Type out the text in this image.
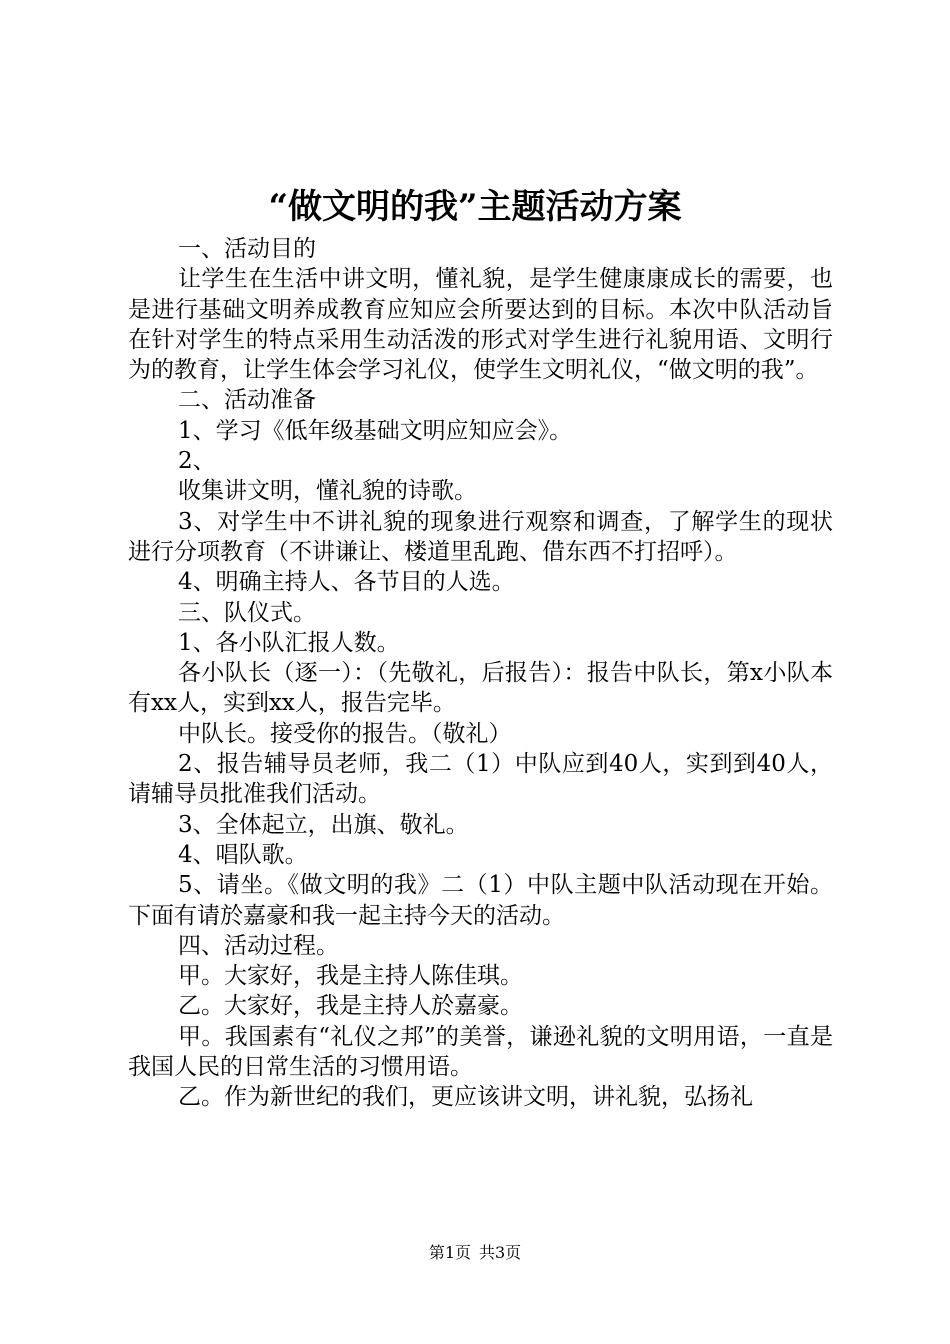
“做文明的我”主题活动方案

一、活动目的

让学生在生活中讲文明，懂礼貌，是学生健康康成长的需要，也是进行基础文明养成教育应知应会所要达到的目标。本次中队活动旨在针对学生的特点采用生动活泼的形式对学生进行礼貌用语、文明行为的教育，让学生体会学习礼仪，使学生文明礼仪，“做文明的我”。

二、活动准备

1、学习《低年级基础文明应知应会》。

2、

收集讲文明，懂礼貌的诗歌。

3、对学生中不讲礼貌的现象进行观察和调查，了解学生的现状进行分项教育（不讲谦让、楼道里乱跑、借东西不打招呼）。

4、明确主持人、各节目的人选。

三、队仪式。

1、各小队汇报人数。

各小队长（逐一）：（先敬礼，后报告）：报告中队长，第x小队本有xx人，实到xx人，报告完毕。

中队长。接受你的报告。（敬礼）

2、报告辅导员老师，我二（1）中队应到40人，实到到40人，请辅导员批准我们活动。

3、全体起立，出旗、敬礼。

4、唱队歌。

5、请坐。《做文明的我》二（1）中队主题中队活动现在开始。下面有请於嘉豪和我一起主持今天的活动。

四、活动过程。

甲。大家好，我是主持人陈佳琪。

乙。大家好，我是主持人於嘉豪。

甲。我国素有“礼仪之邦”的美誉，谦逊礼貌的文明用语，一直是我国人民的日常生活的习惯用语。

乙。作为新世纪的我们，更应该讲文明，讲礼貌，弘扬礼

第1页 共3页
